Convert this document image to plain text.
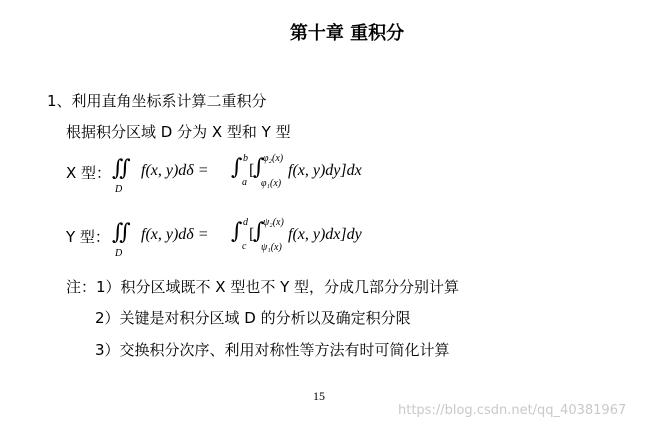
第十章 重积分
1、利用直角坐标系计算二重积分
根据积分区域 D 分为 X 型和 Y 型
X 型： ∬
D
f(x, y)dδ = ∫ b
a
[
∫
φ₂(x)
φ₁(x)
f(x, y)dy]dx
Y 型： ∬
D
f(x, y)dδ = ∫ d
c
[
∫
ψ₂(x)
ψ₁(x)
f(x, y)dx]dy
注：1）积分区域既不 X 型也不 Y 型，分成几部分分别计算
2）关键是对积分区域 D 的分析以及确定积分限
3）交换积分次序、利用对称性等方法有时可简化计算
15
https://blog.csdn.net/qq_40381967
